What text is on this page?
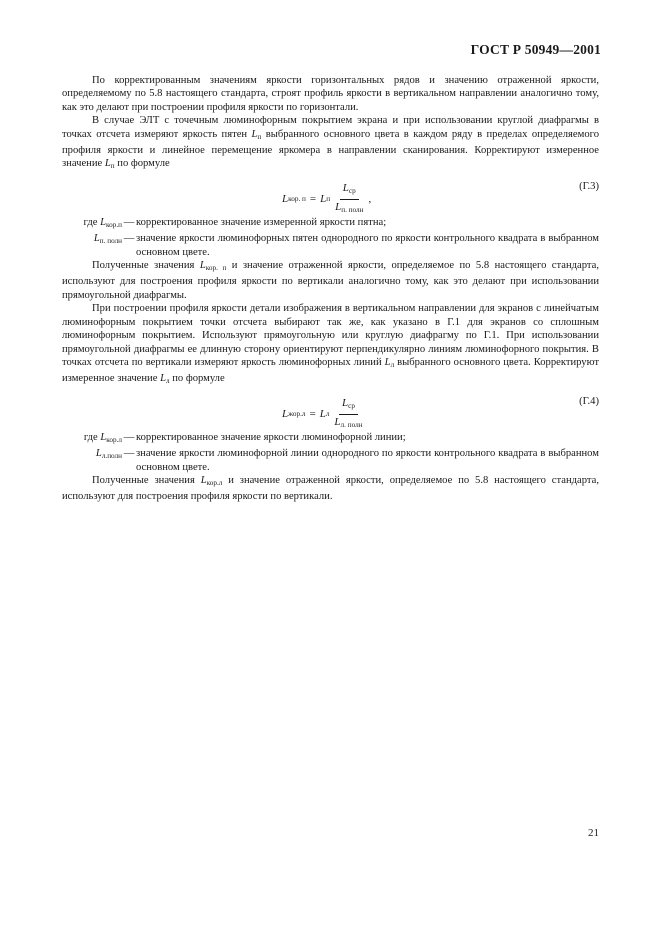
ГОСТ Р 50949—2001

По корректированным значениям яркости горизонтальных рядов и значению отраженной яркости, определяемому по 5.8 настоящего стандарта, строят профиль яркости в вертикальном направлении аналогично тому, как это делают при построении профиля яркости по горизонтали.

В случае ЭЛТ с точечным люминофорным покрытием экрана и при использовании круглой диафрагмы в точках отсчета измеряют яркость пятен $L_п$ выбранного основного цвета в каждом ряду в пределах определяемого профиля яркости и линейное перемещение яркомера в направлении сканирования. Корректируют измеренное значение $L_п$ по формуле

L кор. п = L п $\frac{L_{ср}}{L_{п. полн}}$ ,
(Г.3)
где $L_{кор.п}$ — корректированное значение измеренной яркости пятна;
$L_{п. полн}$ — значение яркости люминофорных пятен однородного по яркости контрольного квадрата в выбранном основном цвете.

Полученные значения $L_{кор. п}$ и значение отраженной яркости, определяемое по 5.8 настоящего стандарта, используют для построения профиля яркости по вертикали аналогично тому, как это делают при использовании прямоугольной диафрагмы.

При построении профиля яркости детали изображения в вертикальном направлении для экранов с линейчатым люминофорным покрытием точки отсчета выбирают так же, как указано в Г.1 для экранов со сплошным люминофорным покрытием. Используют прямоугольную или круглую диафрагму по Г.1. При использовании прямоугольной диафрагмы ее длинную сторону ориентируют перпендикулярно линиям люминофорного покрытия. В точках отсчета по вертикали измеряют яркость люминофорных линий $L_л$ выбранного основного цвета. Корректируют измеренное значение $L_л$ по формуле

L жор.л = L л $\frac{L_{ср}}{L_{л. полн}}$	(Г.4)
где $L_{кор.л}$ — корректированное значение яркости люминофорной линии;
$L_{л.полн}$ — значение яркости люминофорной линии однородного по яркости контрольного квадрата в выбранном основном цвете.

Полученные значения $L_{кор.л}$ и значение отраженной яркости, определяемое по 5.8 настоящего стандарта, используют для построения профиля яркости по вертикали.

21
